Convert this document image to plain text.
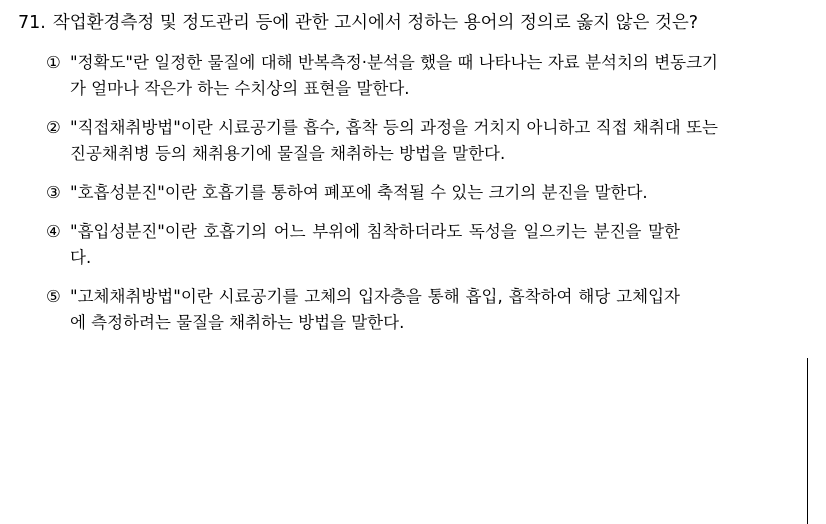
71. 작업환경측정 및 정도관리 등에 관한 고시에서 정하는 용어의 정의로 옳지 않은 것은?
① "정확도"란 일정한 물질에 대해 반복측정·분석을 했을 때 나타나는 자료 분석치의 변동크기가 얼마나 작은가 하는 수치상의 표현을 말한다.
② "직접채취방법"이란 시료공기를 흡수, 흡착 등의 과정을 거치지 아니하고 직접 채취대 또는 진공채취병 등의 채취용기에 물질을 채취하는 방법을 말한다.
③ "호흡성분진"이란 호흡기를 통하여 폐포에 축적될 수 있는 크기의 분진을 말한다.
④ "흡입성분진"이란 호흡기의 어느 부위에 침착하더라도 독성을 일으키는 분진을 말한다.
⑤ "고체채취방법"이란 시료공기를 고체의 입자층을 통해 흡입, 흡착하여 해당 고체입자에 측정하려는 물질을 채취하는 방법을 말한다.
